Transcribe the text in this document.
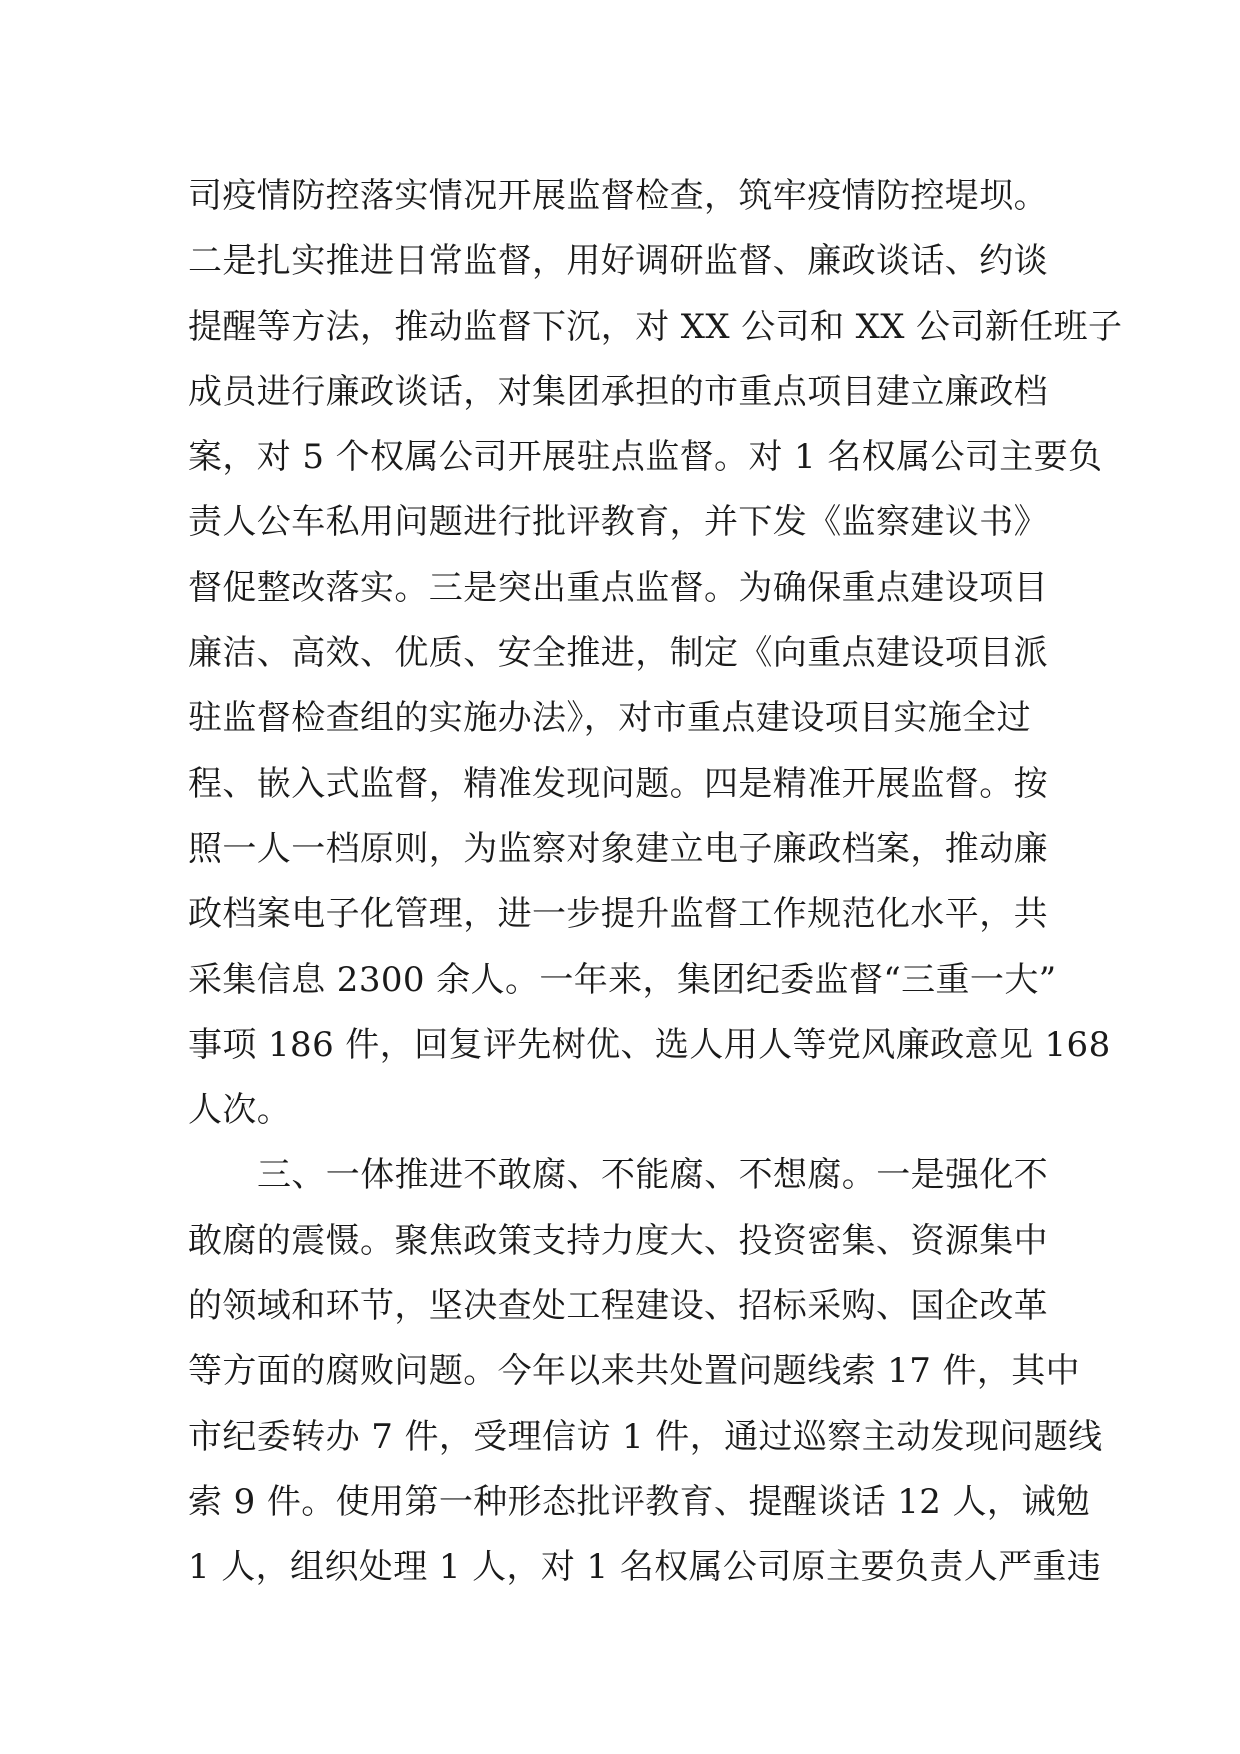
司疫情防控落实情况开展监督检查，筑牢疫情防控堤坝。
二是扎实推进日常监督，用好调研监督、廉政谈话、约谈
提醒等方法，推动监督下沉，对 XX 公司和 XX 公司新任班子
成员进行廉政谈话，对集团承担的市重点项目建立廉政档
案，对 5 个权属公司开展驻点监督。对 1 名权属公司主要负
责人公车私用问题进行批评教育，并下发《监察建议书》
督促整改落实。三是突出重点监督。为确保重点建设项目
廉洁、高效、优质、安全推进，制定《向重点建设项目派
驻监督检查组的实施办法》，对市重点建设项目实施全过
程、嵌入式监督，精准发现问题。四是精准开展监督。按
照一人一档原则，为监察对象建立电子廉政档案，推动廉
政档案电子化管理，进一步提升监督工作规范化水平，共
采集信息 2300 余人。一年来，集团纪委监督“三重一大”
事项 186 件，回复评先树优、选人用人等党风廉政意见 168
人次。
三、一体推进不敢腐、不能腐、不想腐。一是强化不
敢腐的震慑。聚焦政策支持力度大、投资密集、资源集中
的领域和环节，坚决查处工程建设、招标采购、国企改革
等方面的腐败问题。今年以来共处置问题线索 17 件，其中
市纪委转办 7 件，受理信访 1 件，通过巡察主动发现问题线
索 9 件。使用第一种形态批评教育、提醒谈话 12 人，诫勉
1 人，组织处理 1 人，对 1 名权属公司原主要负责人严重违
